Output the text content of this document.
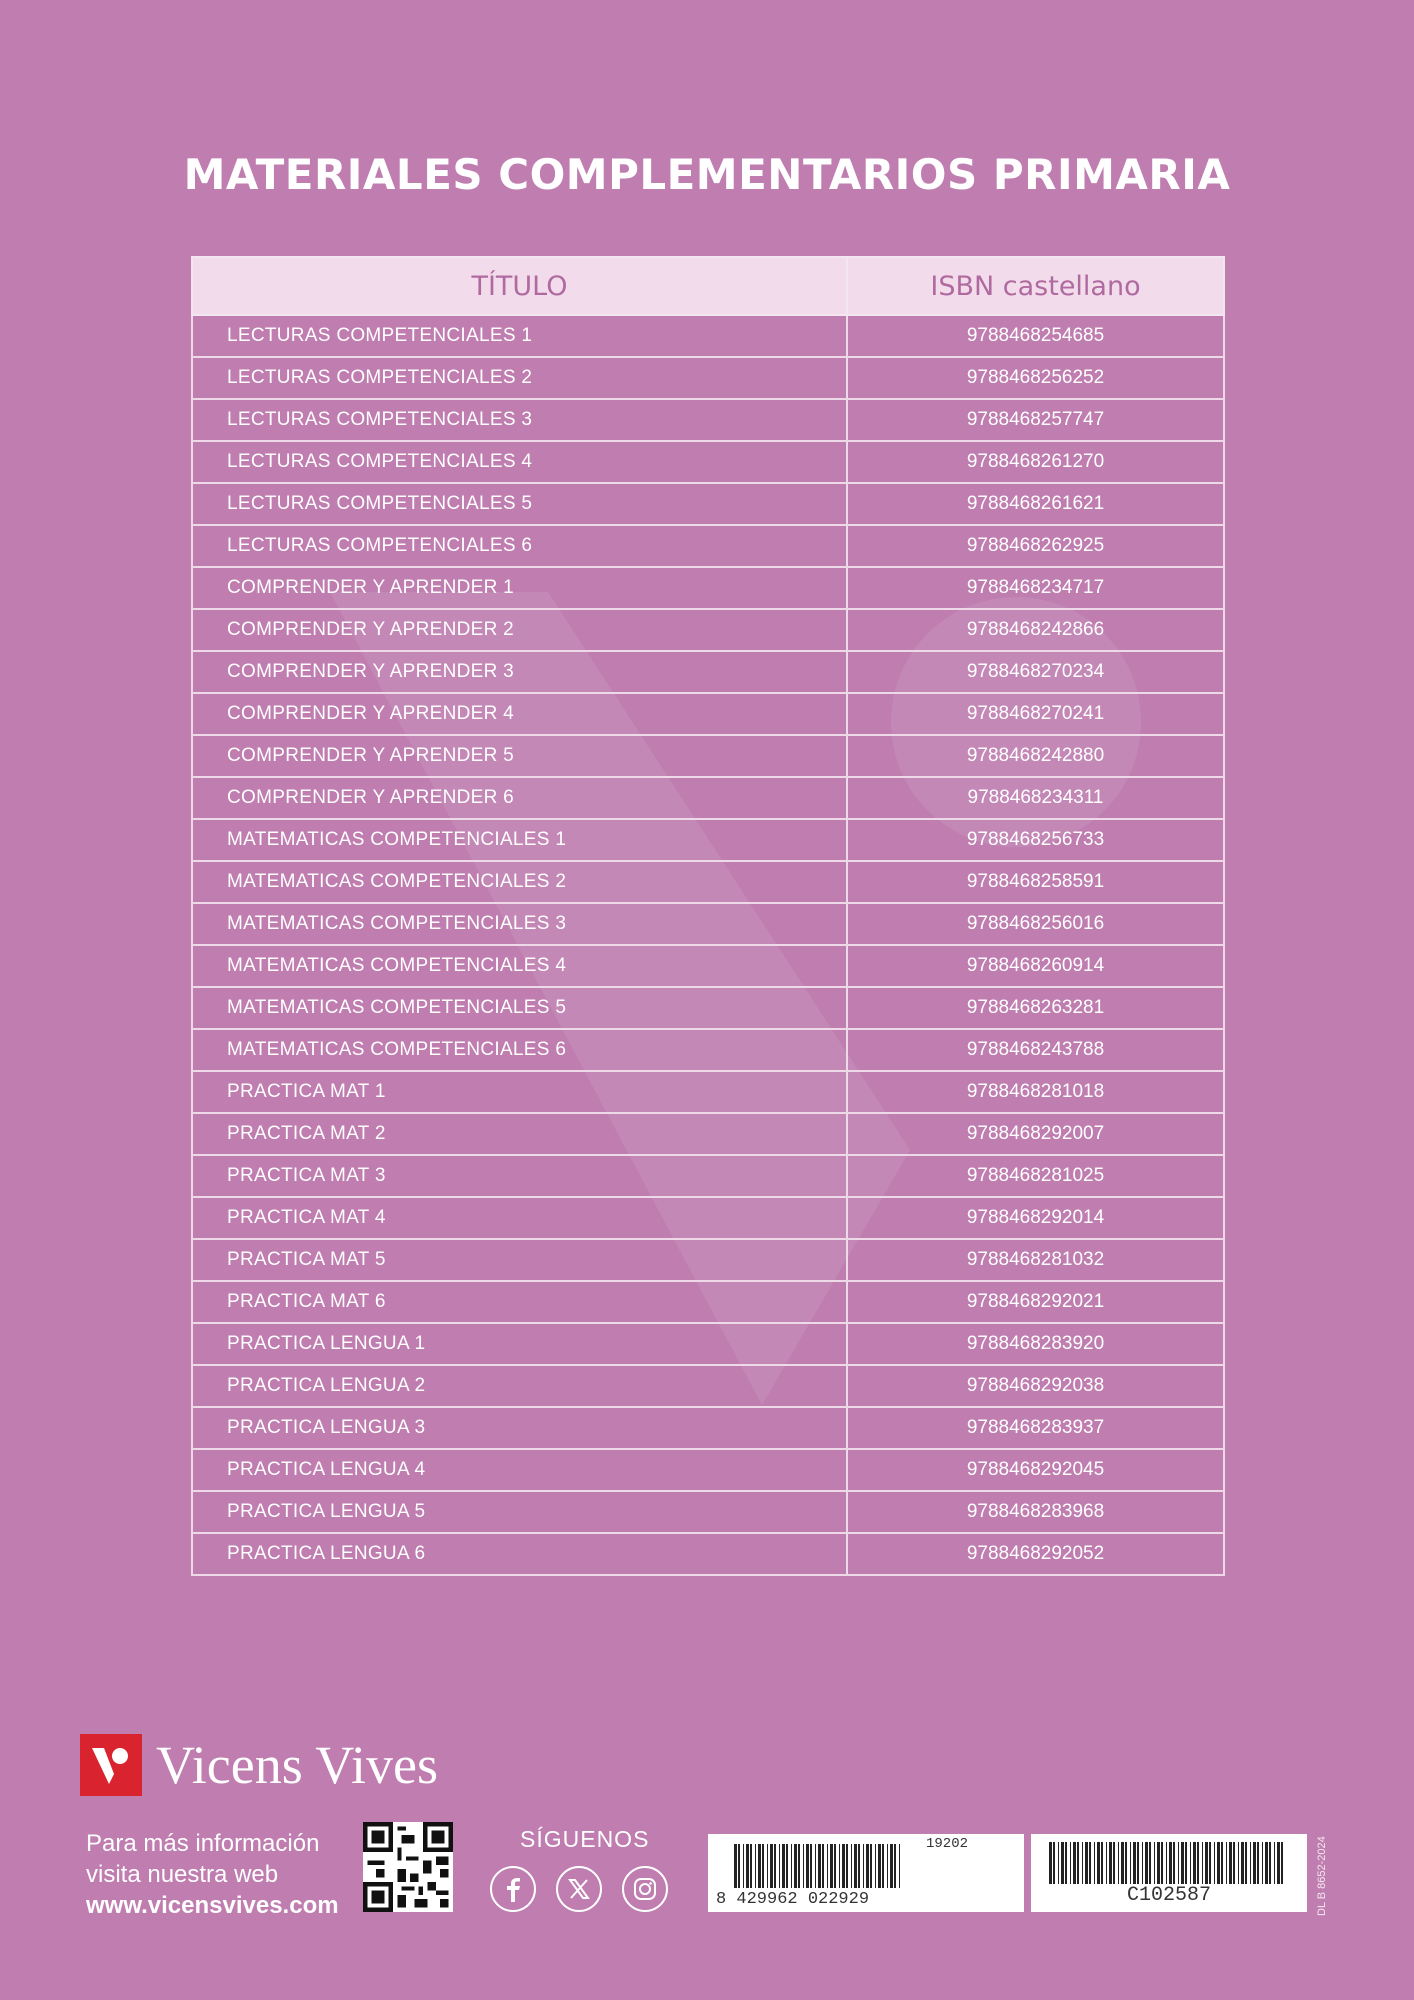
MATERIALES COMPLEMENTARIOS PRIMARIA
TÍTULO	ISBN castellano
LECTURAS COMPETENCIALES 1	9788468254685
LECTURAS COMPETENCIALES 2	9788468256252
LECTURAS COMPETENCIALES 3	9788468257747
LECTURAS COMPETENCIALES 4	9788468261270
LECTURAS COMPETENCIALES 5	9788468261621
LECTURAS COMPETENCIALES 6	9788468262925
COMPRENDER Y APRENDER 1	9788468234717
COMPRENDER Y APRENDER 2	9788468242866
COMPRENDER Y APRENDER 3	9788468270234
COMPRENDER Y APRENDER 4	9788468270241
COMPRENDER Y APRENDER 5	9788468242880
COMPRENDER Y APRENDER 6	9788468234311
MATEMATICAS COMPETENCIALES 1	9788468256733
MATEMATICAS COMPETENCIALES 2	9788468258591
MATEMATICAS COMPETENCIALES 3	9788468256016
MATEMATICAS COMPETENCIALES 4	9788468260914
MATEMATICAS COMPETENCIALES 5	9788468263281
MATEMATICAS COMPETENCIALES 6	9788468243788
PRACTICA MAT 1	9788468281018
PRACTICA MAT 2	9788468292007
PRACTICA MAT 3	9788468281025
PRACTICA MAT 4	9788468292014
PRACTICA MAT 5	9788468281032
PRACTICA MAT 6	9788468292021
PRACTICA LENGUA 1	9788468283920
PRACTICA LENGUA 2	9788468292038
PRACTICA LENGUA 3	9788468283937
PRACTICA LENGUA 4	9788468292045
PRACTICA LENGUA 5	9788468283968
PRACTICA LENGUA 6	9788468292052
Vicens Vives
Para más información
visita nuestra web
www.vicensvives.com
SÍGUENOS
8 429962 022929
19202
C102587	DL B 8652-2024
